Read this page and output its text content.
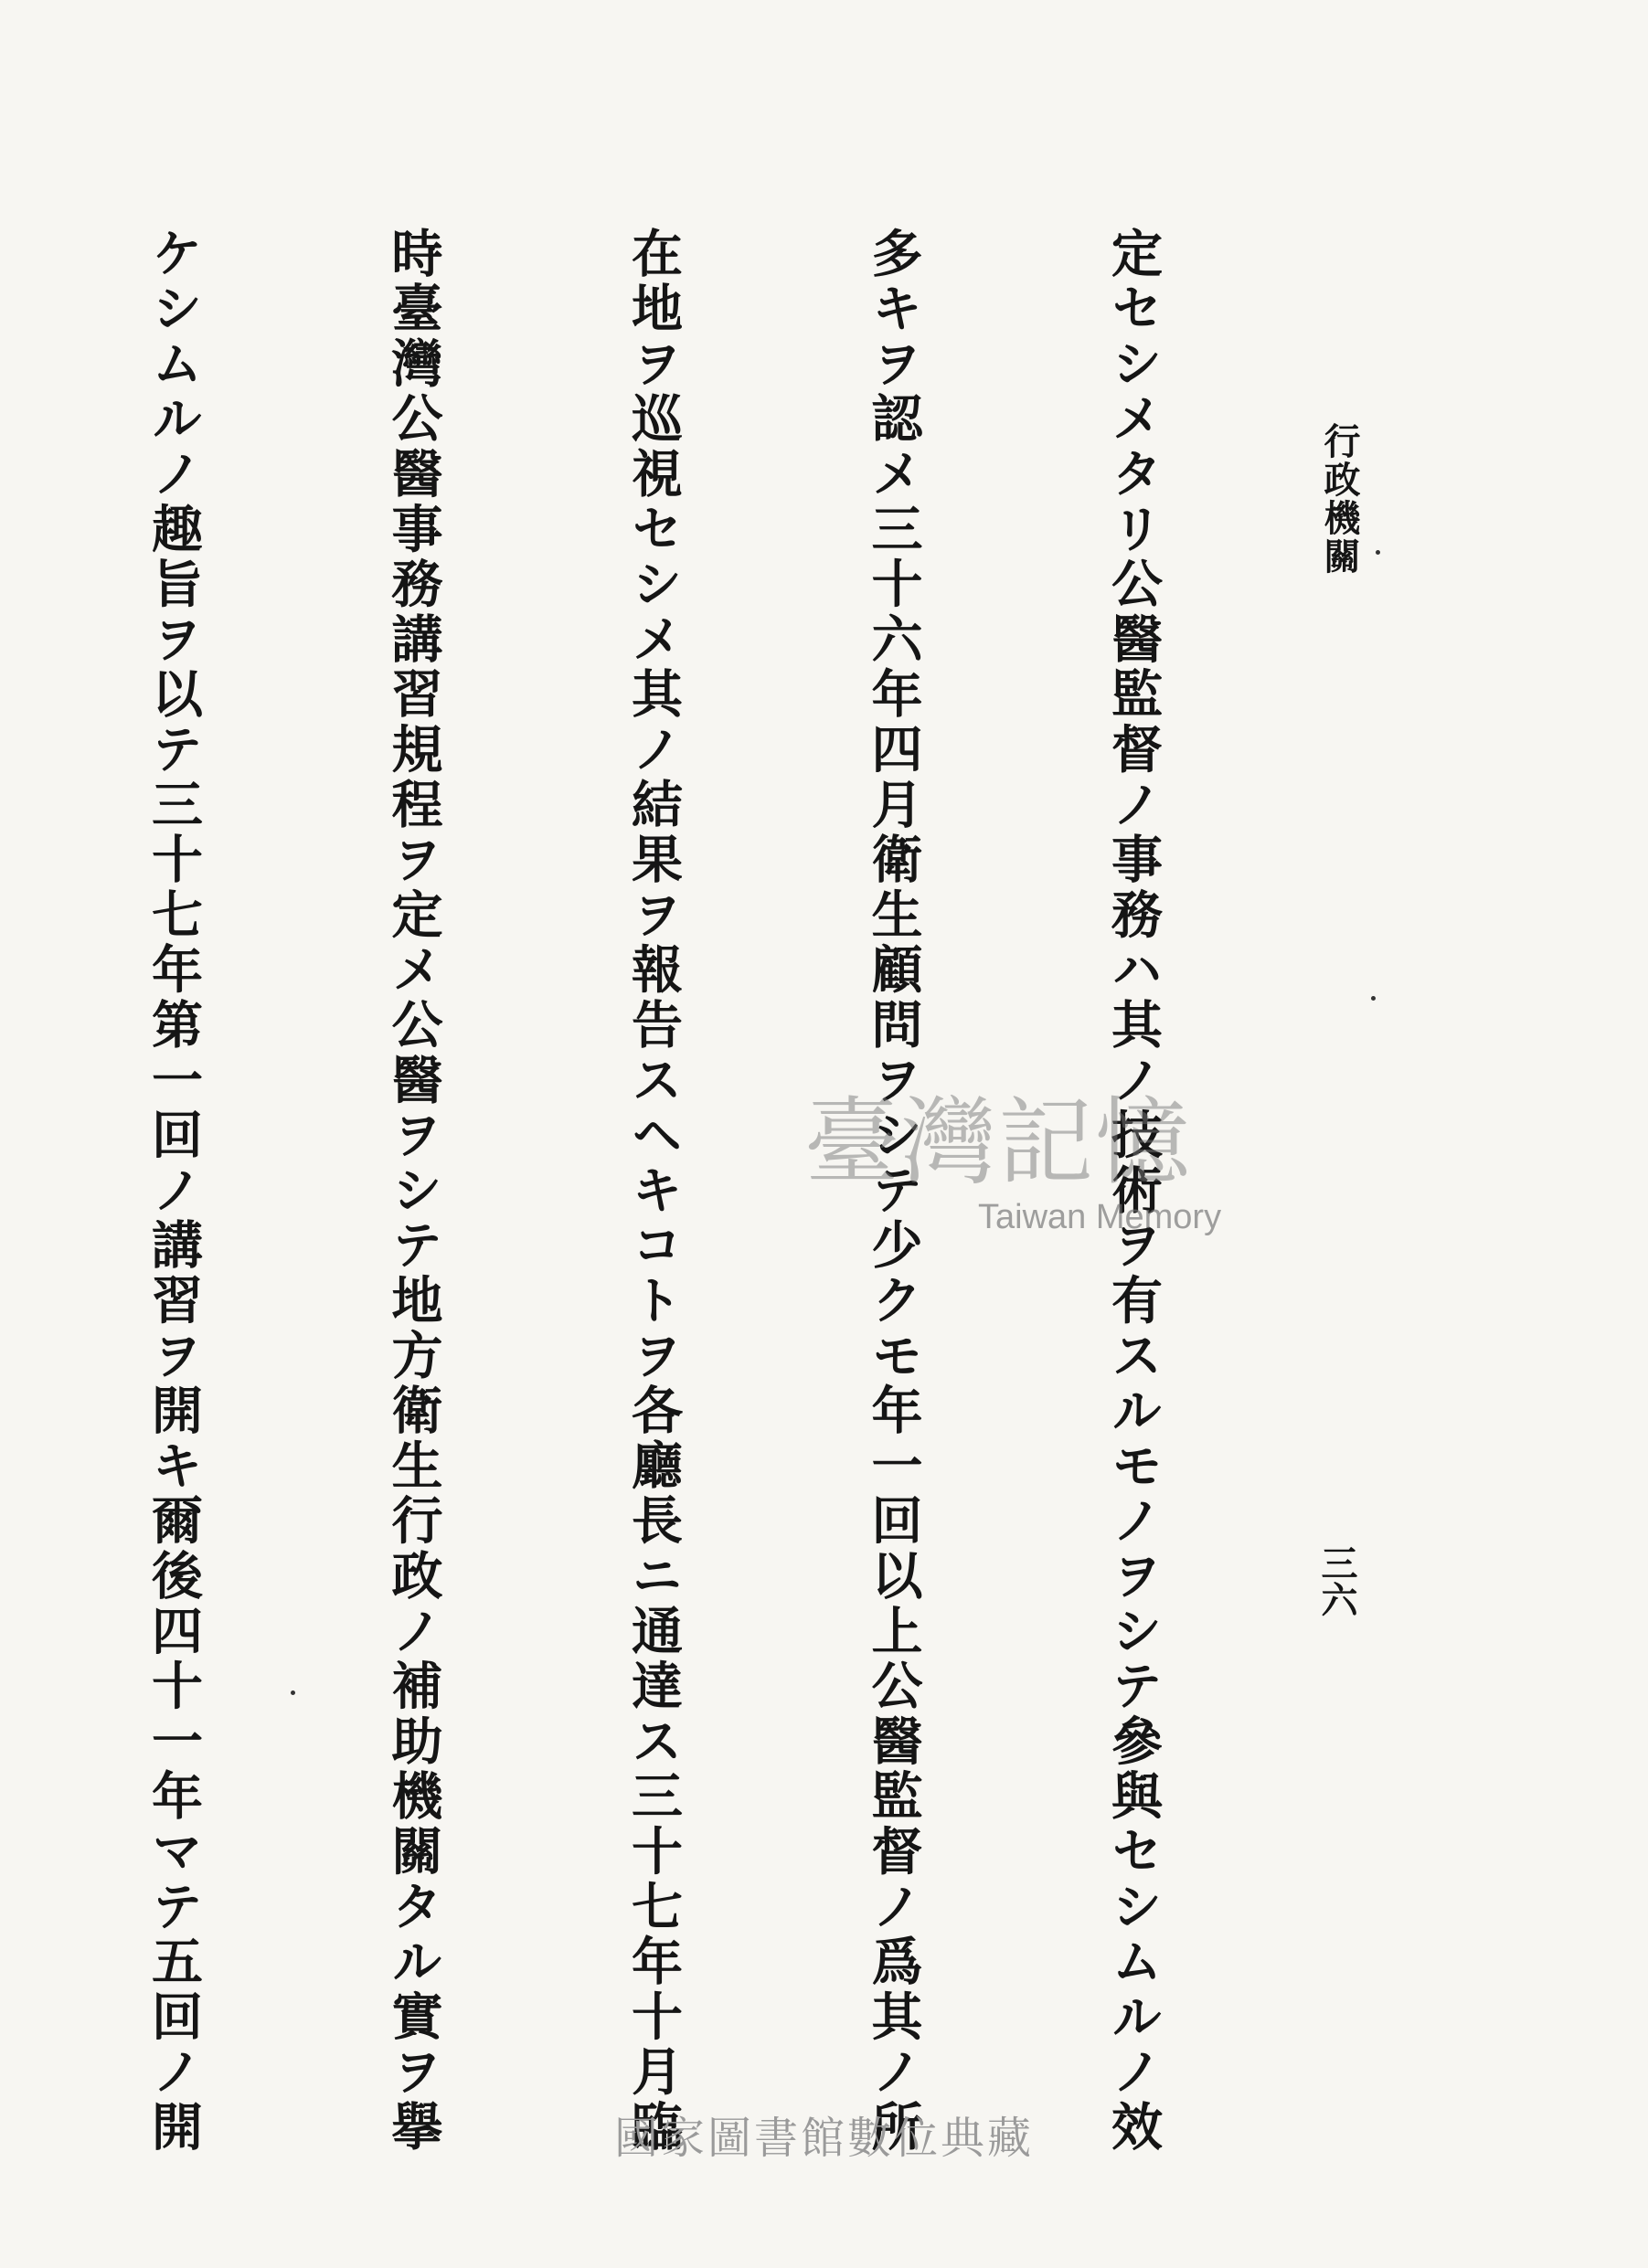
行政機關
三六

定セシメタリ公醫監督ノ事務ハ其ノ技術ヲ有スルモノヲシテ參與セシムルノ效

多キヲ認メ三十六年四月衛生顧問ヲシテ少クモ年一回以上公醫監督ノ爲其ノ所

在地ヲ巡視セシメ其ノ結果ヲ報告スヘキコトヲ各廳長ニ通達ス三十七年十月臨

時臺灣公醫事務講習規程ヲ定メ公醫ヲシテ地方衛生行政ノ補助機關タル實ヲ擧

ケシムルノ趣旨ヲ以テ三十七年第一回ノ講習ヲ開キ爾後四十一年マテ五回ノ開

	臺灣記憶
Taiwan Memory
國家圖書館數位典藏
